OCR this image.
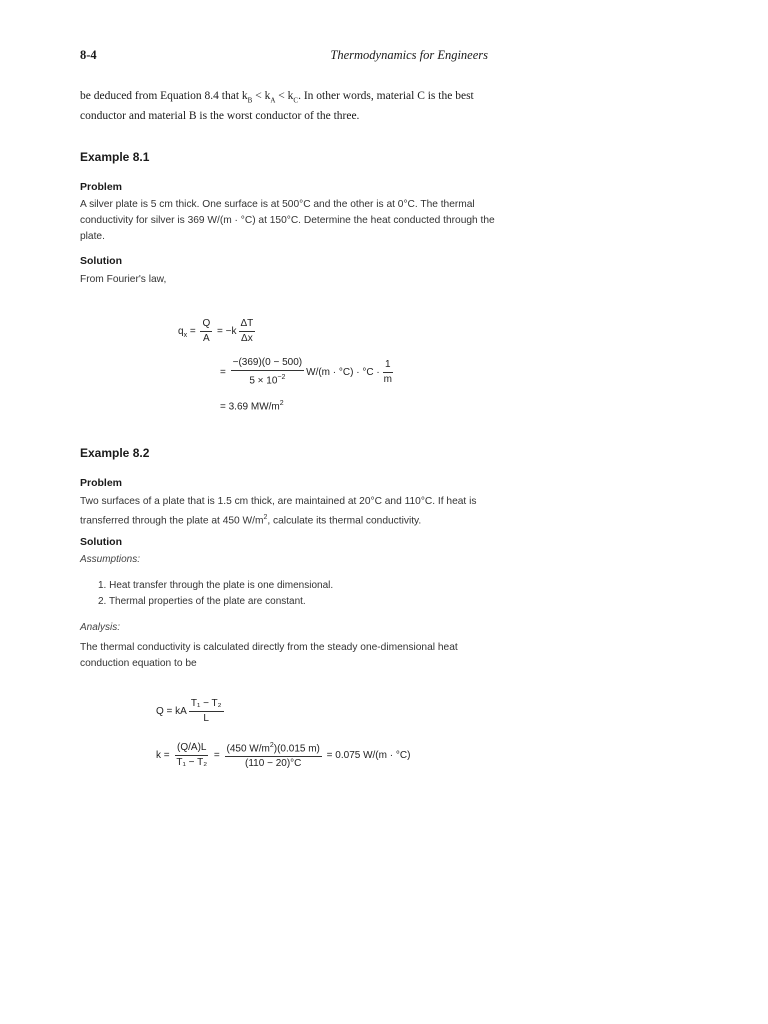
8-4	Thermodynamics for Engineers
be deduced from Equation 8.4 that $k_B < k_A < k_C$. In other words, material C is the best conductor and material B is the worst conductor of the three.
Example 8.1
Problem
A silver plate is 5 cm thick. One surface is at 500°C and the other is at 0°C. The thermal conductivity for silver is 369 W/(m · °C) at 150°C. Determine the heat conducted through the plate.
Solution
From Fourier's law,
$q_x = \frac{Q}{A} = -k \frac{\Delta T}{\Delta x}$
= $\frac{-(369)(0 - 500)}{5 \times 10^{-2}} W/(m \cdot ^\circ C) \cdot ^\circ C \cdot \frac{1}{m}$
= 3.69 $MW/m^2$
Example 8.2
Problem
Two surfaces of a plate that is 1.5 cm thick, are maintained at 20°C and 110°C. If heat is transferred through the plate at 450 $W/m^2$, calculate its thermal conductivity.
Solution
Assumptions:
1. Heat transfer through the plate is one dimensional.
2. Thermal properties of the plate are constant.
Analysis:
The thermal conductivity is calculated directly from the steady one-dimensional heat conduction equation to be
Q = kA $\frac{\text{T₁ − T₂}}{L}$
$k = \frac{(Q/A)L}{\text{T₁ − T₂}} = \frac{(450 W/m^2)(0.015 m)}{(110 - 20)^\circ C} = 0.075$ W/(m · °C)
